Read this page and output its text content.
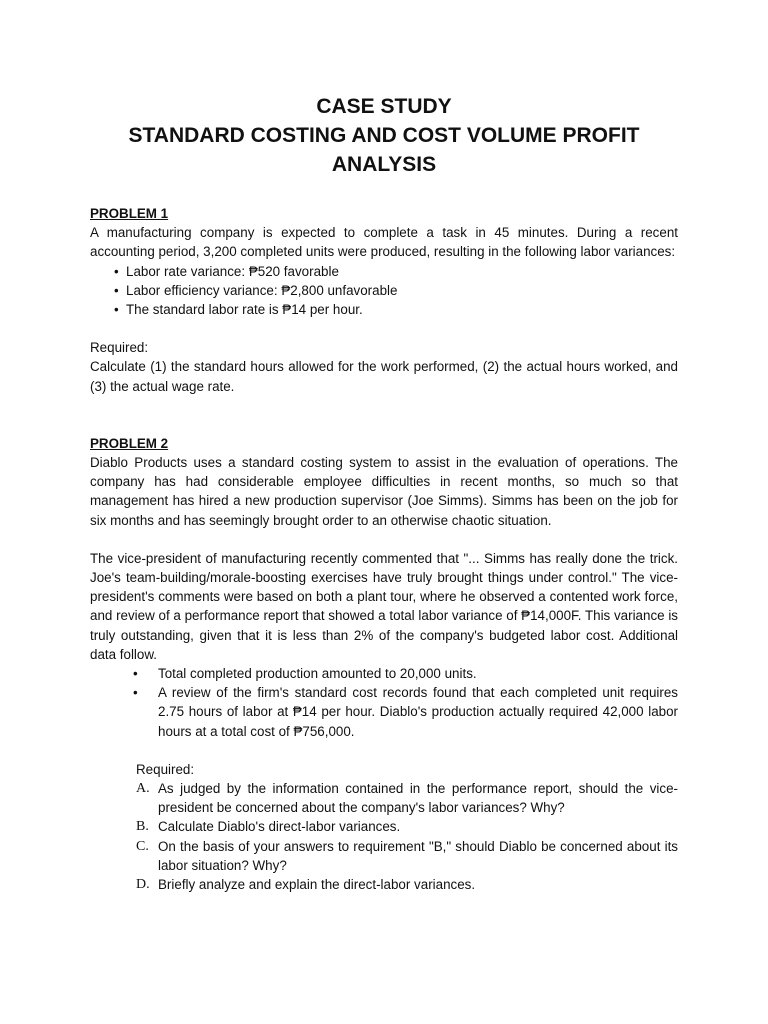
CASE STUDY
STANDARD COSTING AND COST VOLUME PROFIT
ANALYSIS
PROBLEM 1
A manufacturing company is expected to complete a task in 45 minutes. During a recent accounting period, 3,200 completed units were produced, resulting in the following labor variances:
• Labor rate variance: ₱520 favorable
• Labor efficiency variance: ₱2,800 unfavorable
• The standard labor rate is ₱14 per hour.
Required:
Calculate (1) the standard hours allowed for the work performed, (2) the actual hours worked, and (3) the actual wage rate.
PROBLEM 2
Diablo Products uses a standard costing system to assist in the evaluation of operations. The company has had considerable employee difficulties in recent months, so much so that management has hired a new production supervisor (Joe Simms). Simms has been on the job for six months and has seemingly brought order to an otherwise chaotic situation.
The vice-president of manufacturing recently commented that "... Simms has really done the trick. Joe's team-building/morale-boosting exercises have truly brought things under control." The vice-president's comments were based on both a plant tour, where he observed a contented work force, and review of a performance report that showed a total labor variance of ₱14,000F. This variance is truly outstanding, given that it is less than 2% of the company's budgeted labor cost. Additional data follow.
• Total completed production amounted to 20,000 units.
• A review of the firm's standard cost records found that each completed unit requires 2.75 hours of labor at ₱14 per hour. Diablo's production actually required 42,000 labor hours at a total cost of ₱756,000.
Required:
A. As judged by the information contained in the performance report, should the vice-president be concerned about the company's labor variances? Why?
B. Calculate Diablo's direct-labor variances.
C. On the basis of your answers to requirement "B," should Diablo be concerned about its labor situation? Why?
D. Briefly analyze and explain the direct-labor variances.
